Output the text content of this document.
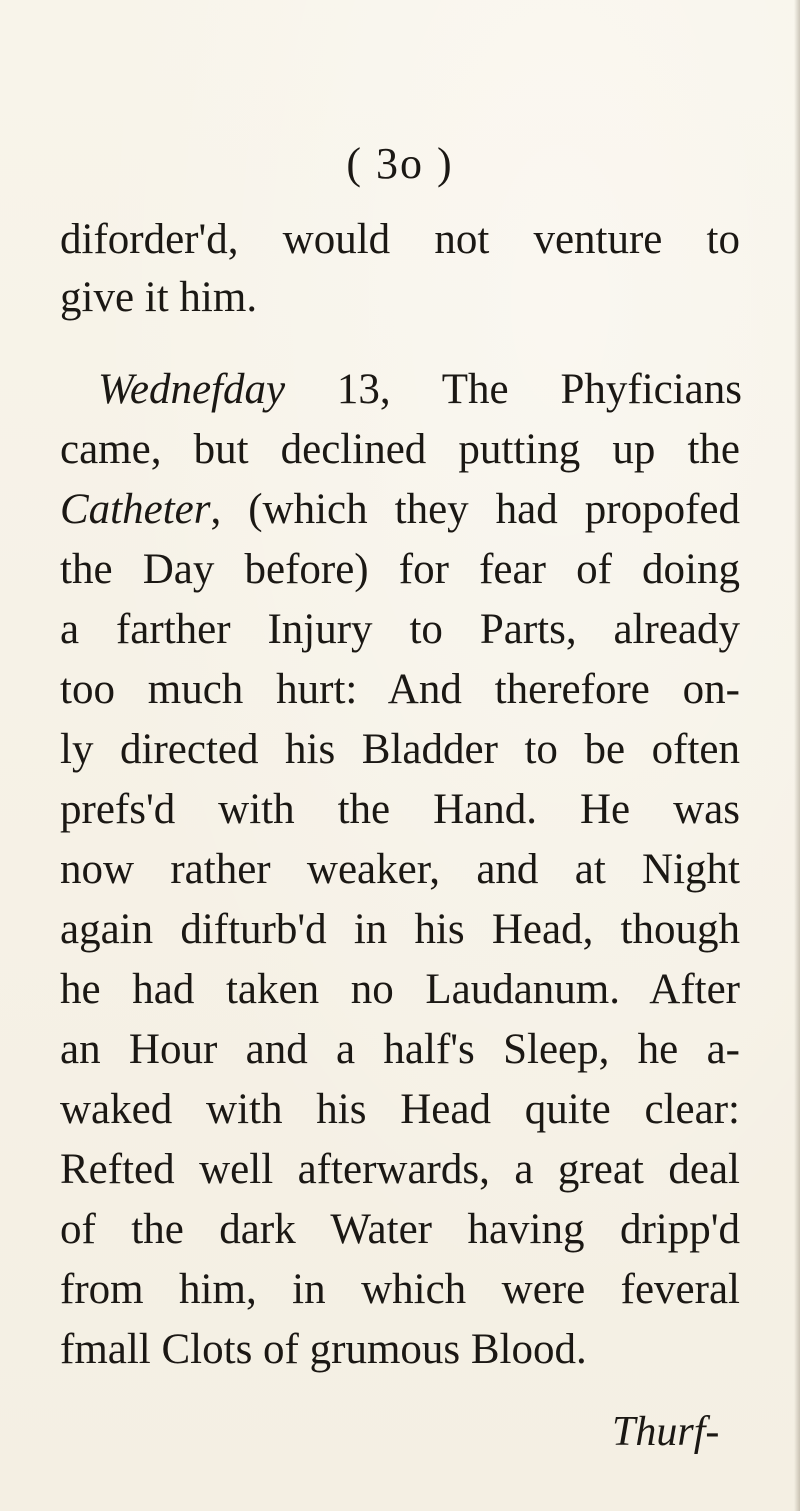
( 3o )
diforder'd, would not venture to
give it him.
Wednefday 13, The Phyficians
came, but declined putting up the
Catheter, (which they had propofed
the Day before) for fear of doing
a farther Injury to Parts, already
too much hurt: And therefore on-
ly directed his Bladder to be often
prefs'd with the Hand. He was
now rather weaker, and at Night
again difturb'd in his Head, though
he had taken no Laudanum. After
an Hour and a half's Sleep, he a-
waked with his Head quite clear:
Refted well afterwards, a great deal
of the dark Water having dripp'd
from him, in which were feveral
fmall Clots of grumous Blood.
Thurf-
